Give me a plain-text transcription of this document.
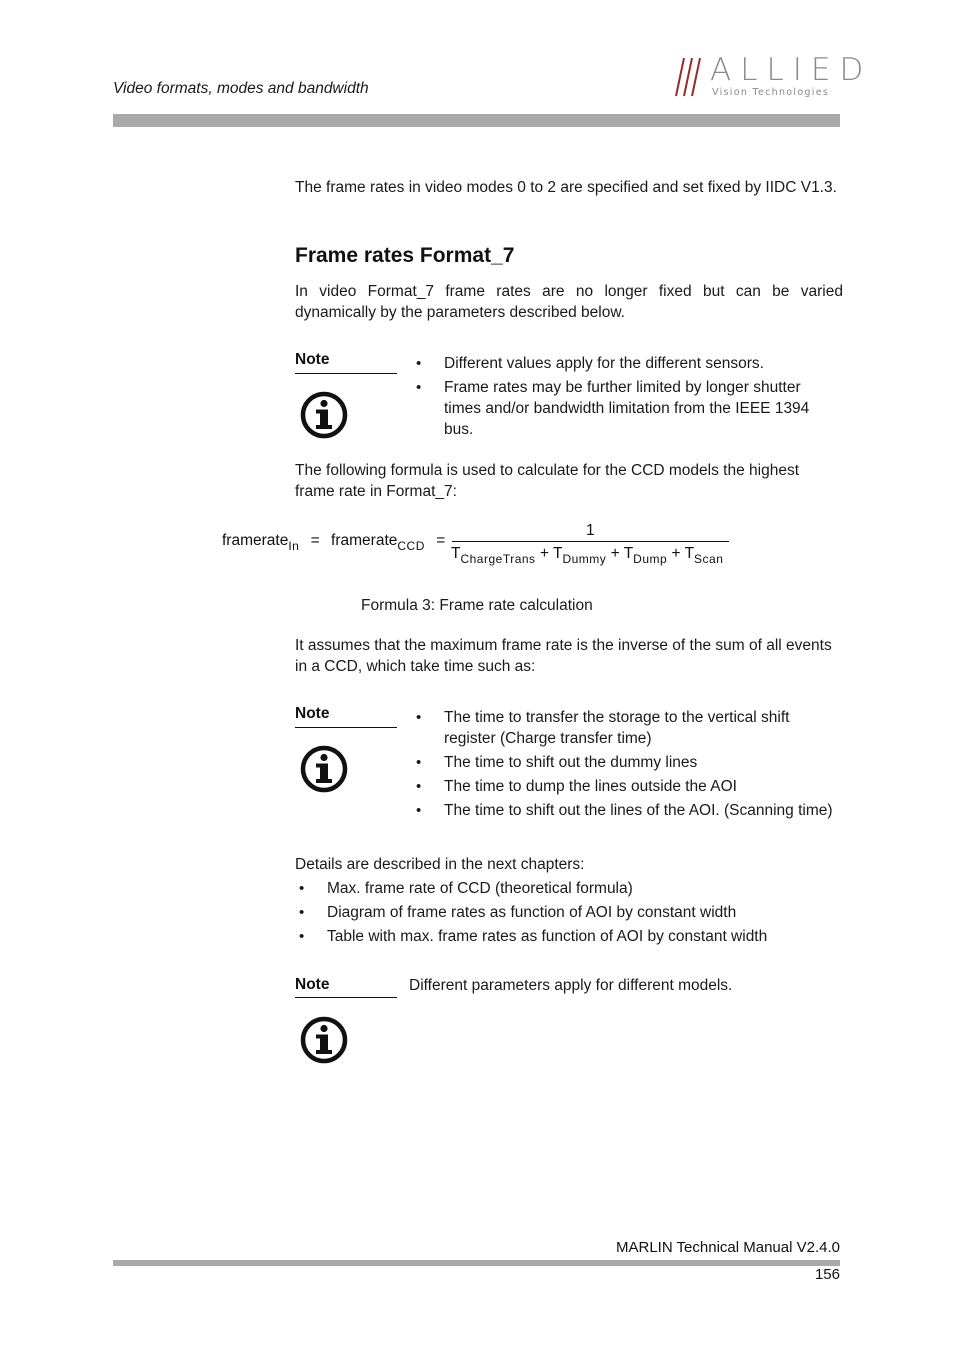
Video formats, modes and bandwidth
ALLIED
Vision Technologies
The frame rates in video modes 0 to 2 are specified and set fixed by IIDC V1.3.
Frame rates Format_7
In video Format_7 frame rates are no longer fixed but can be varied dynamically by the parameters described below.
Note	• Different values apply for the different sensors.
• Frame rates may be further limited by longer shutter times and/or bandwidth limitation from the IEEE 1394 bus.
The following formula is used to calculate for the CCD models the highest frame rate in Format_7:
framerate$_{In}$ = framerate$_{CCD}$ =
1
$T_{ChargeTrans} + T_{Dummy} + T_{Dump} + T_{Scan}$
Formula 3: Frame rate calculation
It assumes that the maximum frame rate is the inverse of the sum of all events in a CCD, which take time such as:
Note	• The time to transfer the storage to the vertical shift register (Charge transfer time)
• The time to shift out the dummy lines
• The time to dump the lines outside the AOI
• The time to shift out the lines of the AOI. (Scanning time)
Details are described in the next chapters:
• Max. frame rate of CCD (theoretical formula)
• Diagram of frame rates as function of AOI by constant width
• Table with max. frame rates as function of AOI by constant width
Note	Different parameters apply for different models.
MARLIN Technical Manual V2.4.0
156
